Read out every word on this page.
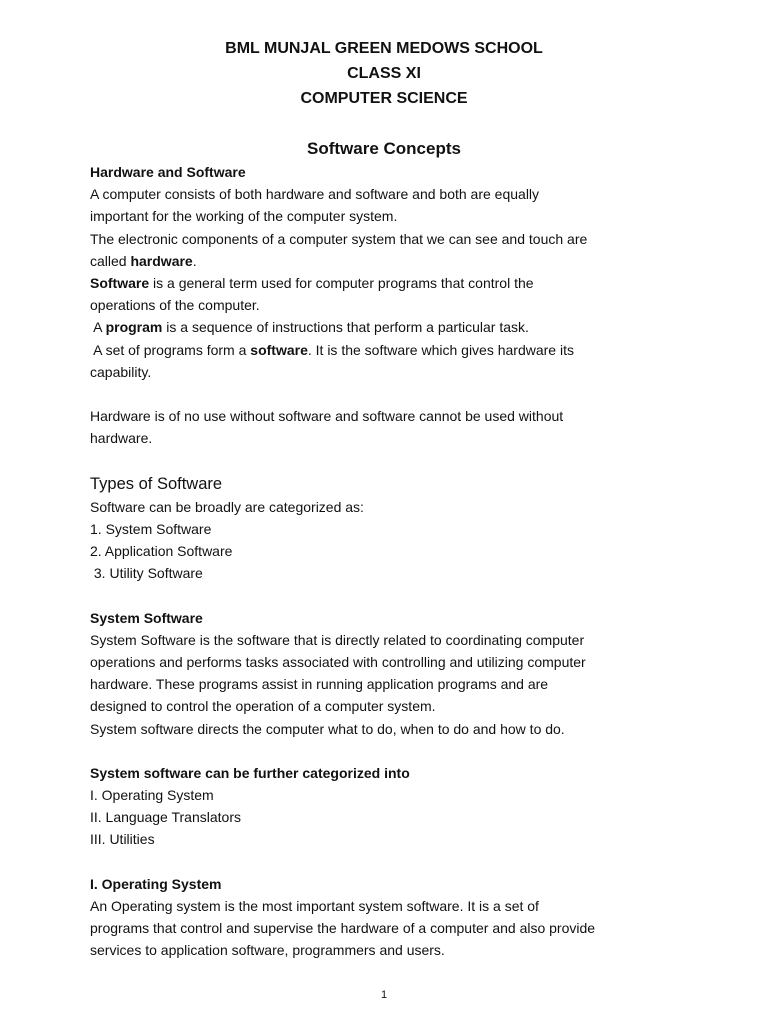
BML MUNJAL GREEN MEDOWS SCHOOL
CLASS XI
COMPUTER SCIENCE
Software Concepts
Hardware and Software
A computer consists of both hardware and software and both are equally
important for the working of the computer system.
The electronic components of a computer system that we can see and touch are
called hardware.
Software is a general term used for computer programs that control the
operations of the computer.
A program is a sequence of instructions that perform a particular task.
A set of programs form a software. It is the software which gives hardware its
capability.
Hardware is of no use without software and software cannot be used without
hardware.
Types of Software
Software can be broadly are categorized as:
1. System Software
2. Application Software
3. Utility Software
System Software
System Software is the software that is directly related to coordinating computer
operations and performs tasks associated with controlling and utilizing computer
hardware. These programs assist in running application programs and are
designed to control the operation of a computer system.
System software directs the computer what to do, when to do and how to do.
System software can be further categorized into
I. Operating System
II. Language Translators
III. Utilities
I. Operating System
An Operating system is the most important system software. It is a set of
programs that control and supervise the hardware of a computer and also provide
services to application software, programmers and users.
1
